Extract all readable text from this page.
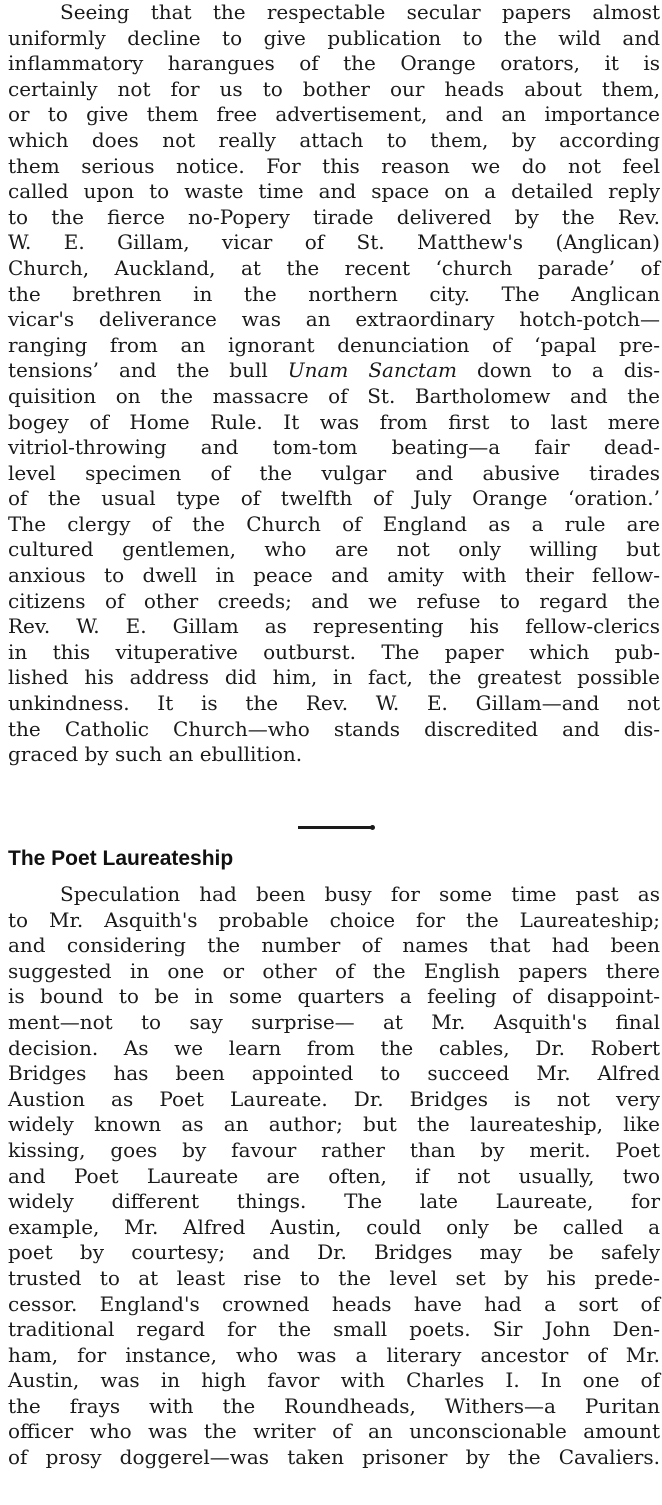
Seeing that the respectable secular papers almost
uniformly decline to give publication to the wild and
inflammatory harangues of the Orange orators, it is
certainly not for us to bother our heads about them,
or to give them free advertisement, and an importance
which does not really attach to them, by according
them serious notice. For this reason we do not feel
called upon to waste time and space on a detailed reply
to the fierce no-Popery tirade delivered by the Rev.
W. E. Gillam, vicar of St. Matthew's (Anglican)
Church, Auckland, at the recent ‘church parade’ of
the brethren in the northern city. The Anglican
vicar's deliverance was an extraordinary hotch-potch—
ranging from an ignorant denunciation of ‘papal pre-
tensions’ and the bull Unam Sanctam down to a dis-
quisition on the massacre of St. Bartholomew and the
bogey of Home Rule. It was from first to last mere
vitriol-throwing and tom-tom beating—a fair dead-
level specimen of the vulgar and abusive tirades
of the usual type of twelfth of July Orange ‘oration.’
The clergy of the Church of England as a rule are
cultured gentlemen, who are not only willing but
anxious to dwell in peace and amity with their fellow-
citizens of other creeds; and we refuse to regard the
Rev. W. E. Gillam as representing his fellow-clerics
in this vituperative outburst. The paper which pub-
lished his address did him, in fact, the greatest possible
unkindness. It is the Rev. W. E. Gillam—and not
the Catholic Church—who stands discredited and dis-
graced by such an ebullition.
The Poet Laureateship
Speculation had been busy for some time past as
to Mr. Asquith's probable choice for the Laureateship;
and considering the number of names that had been
suggested in one or other of the English papers there
is bound to be in some quarters a feeling of disappoint-
ment—not to say surprise— at Mr. Asquith's final
decision. As we learn from the cables, Dr. Robert
Bridges has been appointed to succeed Mr. Alfred
Austion as Poet Laureate. Dr. Bridges is not very
widely known as an author; but the laureateship, like
kissing, goes by favour rather than by merit. Poet
and Poet Laureate are often, if not usually, two
widely different things. The late Laureate, for
example, Mr. Alfred Austin, could only be called a
poet by courtesy; and Dr. Bridges may be safely
trusted to at least rise to the level set by his prede-
cessor. England's crowned heads have had a sort of
traditional regard for the small poets. Sir John Den-
ham, for instance, who was a literary ancestor of Mr.
Austin, was in high favor with Charles I. In one of
the frays with the Roundheads, Withers—a Puritan
officer who was the writer of an unconscionable amount
of prosy doggerel—was taken prisoner by the Cavaliers.
